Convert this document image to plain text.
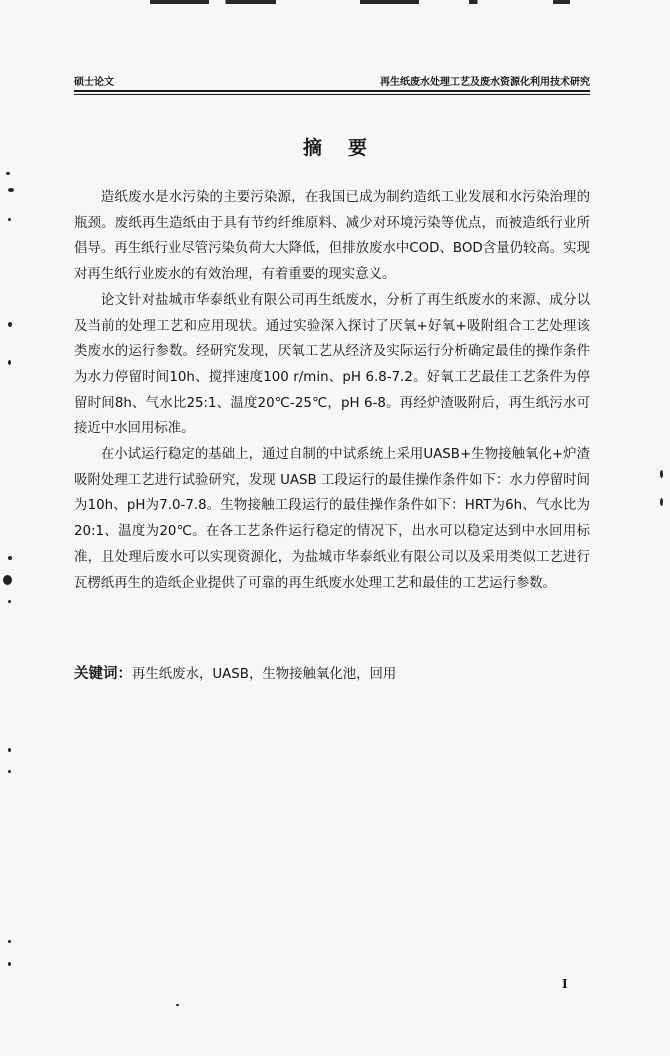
硕士论文	再生纸废水处理工艺及废水资源化利用技术研究
摘要

造纸废水是水污染的主要污染源，在我国已成为制约造纸工业发展和水污染治理的瓶颈。废纸再生造纸由于具有节约纤维原料、减少对环境污染等优点，而被造纸行业所倡导。再生纸行业尽管污染负荷大大降低，但排放废水中COD、BOD含量仍较高。实现对再生纸行业废水的有效治理，有着重要的现实意义。

论文针对盐城市华泰纸业有限公司再生纸废水，分析了再生纸废水的来源、成分以及当前的处理工艺和应用现状。通过实验深入探讨了厌氧+好氧+吸附组合工艺处理该类废水的运行参数。经研究发现，厌氧工艺从经济及实际运行分析确定最佳的操作条件为水力停留时间10h、搅拌速度100 r/min、pH 6.8-7.2。好氧工艺最佳工艺条件为停留时间8h、气水比25:1、温度20℃-25℃，pH 6-8。再经炉渣吸附后，再生纸污水可接近中水回用标准。

在小试运行稳定的基础上，通过自制的中试系统上采用UASB+生物接触氧化+炉渣吸附处理工艺进行试验研究，发现 UASB 工段运行的最佳操作条件如下：水力停留时间为10h、pH为7.0-7.8。生物接触工段运行的最佳操作条件如下：HRT为6h、气水比为20:1、温度为20℃。在各工艺条件运行稳定的情况下，出水可以稳定达到中水回用标准，且处理后废水可以实现资源化，为盐城市华泰纸业有限公司以及采用类似工艺进行瓦楞纸再生的造纸企业提供了可靠的再生纸废水处理工艺和最佳的工艺运行参数。

关键词：再生纸废水，UASB，生物接触氧化池，回用
I
